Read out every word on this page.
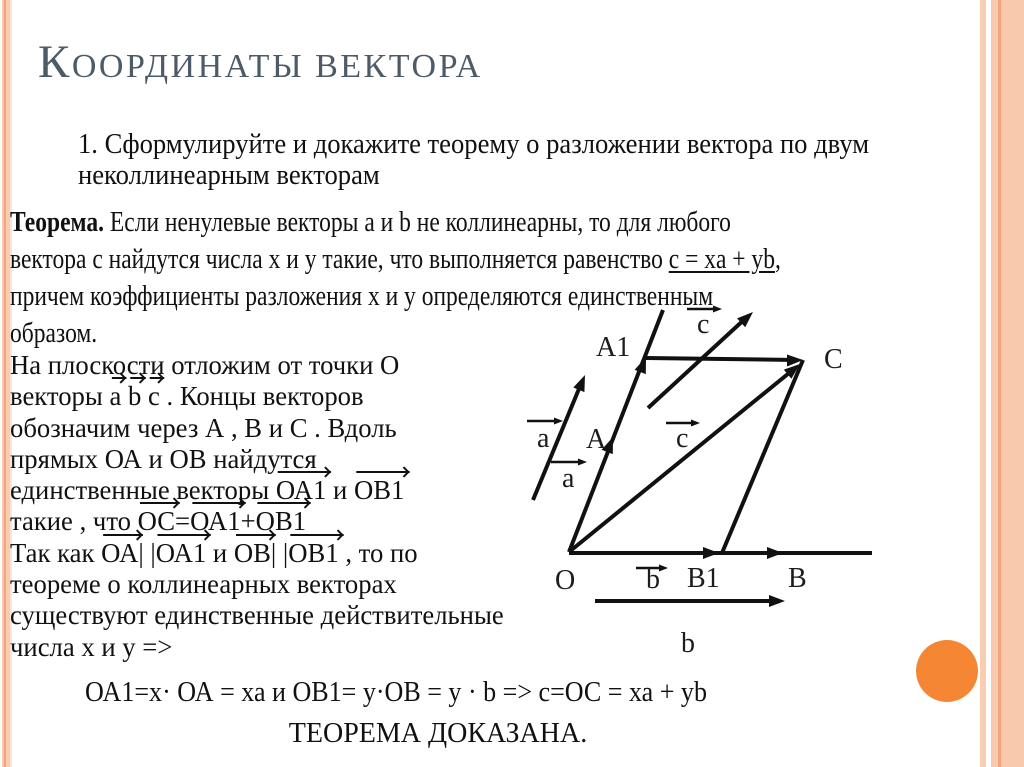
КООРДИНАТЫ ВЕКТОРА
1. Сформулируйте и докажите теорему о разложении вектора по двум
неколлинеарным векторам
Теорема. Если ненулевые векторы a и b не коллинеарны, то для любого
вектора c найдутся числа x и y такие, что выполняется равенство c = xa + yb,
причем коэффициенты разложения x и y определяются единственным
образом.
На плоскости отложим от точки О
векторы a b c . Концы векторов
обозначим через А , В и С . Вдоль
прямых ОА и ОВ найдутся
единственные векторы ОА1 и ОВ1
такие , что ОС=ОА1+ОВ1
Так как ОА| |ОА1 и ОВ| |ОВ1 , то по
теореме о коллинеарных векторах
существуют единственные действительные
числа x и y =>
A1
A
C
O	B1 B
a
a
c
c
b
b
ОА1=х· ОА = ха и ОВ1= у·ОВ = у · b => c=ОС = ха + yb
ТЕОРЕМА ДОКАЗАНА.
